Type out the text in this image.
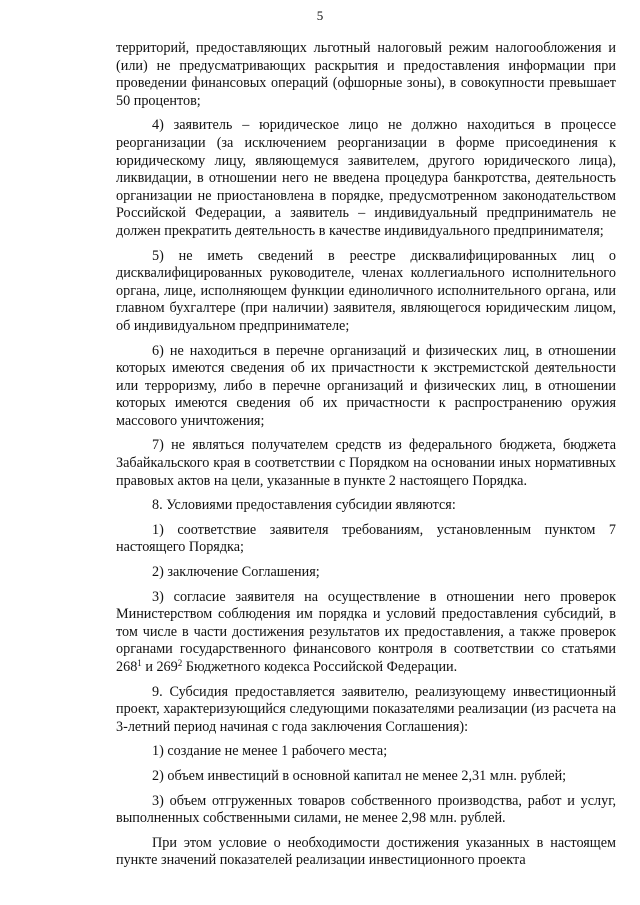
5

территорий, предоставляющих льготный налоговый режим налогообложения и (или) не предусматривающих раскрытия и предоставления информации при проведении финансовых операций (офшорные зоны), в совокупности превышает 50 процентов;

4) заявитель – юридическое лицо не должно находиться в процессе реорганизации (за исключением реорганизации в форме присоединения к юридическому лицу, являющемуся заявителем, другого юридического лица), ликвидации, в отношении него не введена процедура банкротства, деятельность организации не приостановлена в порядке, предусмотренном законодательством Российской Федерации, а заявитель – индивидуальный предприниматель не должен прекратить деятельность в качестве индивидуального предпринимателя;

5) не иметь сведений в реестре дисквалифицированных лиц о дисквалифицированных руководителе, членах коллегиального исполнительного органа, лице, исполняющем функции единоличного исполнительного органа, или главном бухгалтере (при наличии) заявителя, являющегося юридическим лицом, об индивидуальном предпринимателе;

6) не находиться в перечне организаций и физических лиц, в отношении которых имеются сведения об их причастности к экстремистской деятельности или терроризму, либо в перечне организаций и физических лиц, в отношении которых имеются сведения об их причастности к распространению оружия массового уничтожения;

7) не являться получателем средств из федерального бюджета, бюджета Забайкальского края в соответствии с Порядком на основании иных нормативных правовых актов на цели, указанные в пункте 2 настоящего Порядка.

8. Условиями предоставления субсидии являются:

1) соответствие заявителя требованиям, установленным пунктом 7 настоящего Порядка;

2) заключение Соглашения;

3) согласие заявителя на осуществление в отношении него проверок Министерством соблюдения им порядка и условий предоставления субсидий, в том числе в части достижения результатов их предоставления, а также проверок органами государственного финансового контроля в соответствии со статьями $268^1$ и $269^2$ Бюджетного кодекса Российской Федерации.

9. Субсидия предоставляется заявителю, реализующему инвестиционный проект, характеризующийся следующими показателями реализации (из расчета на 3-летний период начиная с года заключения Соглашения):

1) создание не менее 1 рабочего места;

2) объем инвестиций в основной капитал не менее 2,31 млн. рублей;

3) объем отгруженных товаров собственного производства, работ и услуг, выполненных собственными силами, не менее 2,98 млн. рублей.

При этом условие о необходимости достижения указанных в настоящем пункте значений показателей реализации инвестиционного проекта
